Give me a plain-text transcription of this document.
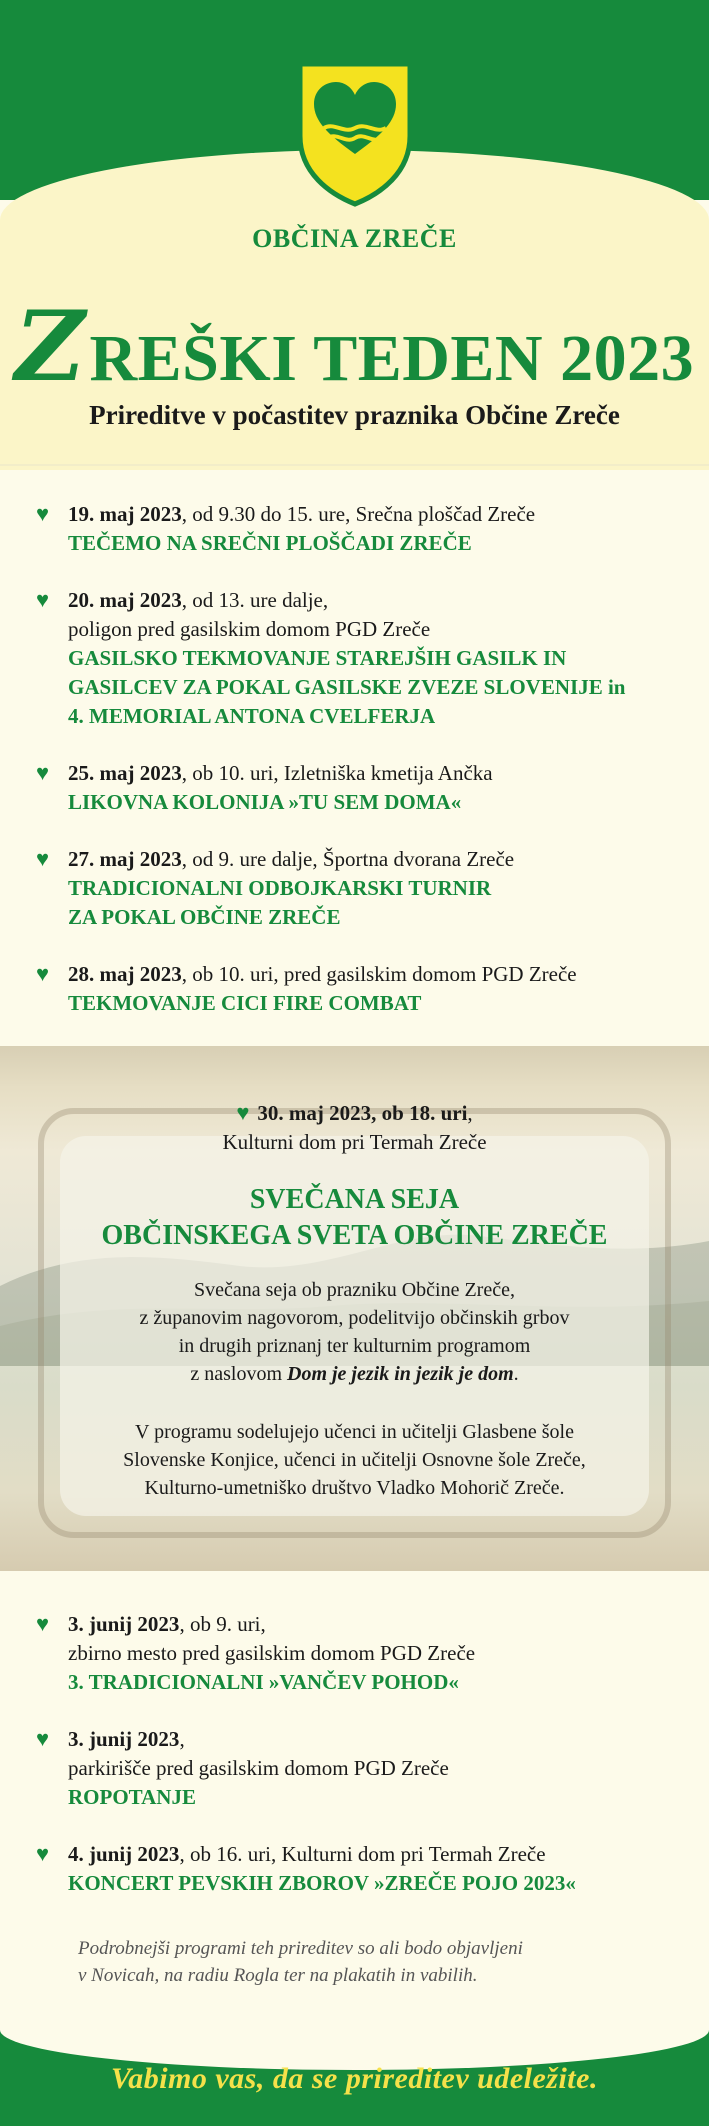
OBČINA ZREČE
ZREŠKI TEDEN 2023
Prireditve v počastitev praznika Občine Zreče
♥ 19. maj 2023, od 9.30 do 15. ure, Srečna ploščad Zreče
TEČEMO NA SREČNI PLOŠČADI ZREČE
♥ 20. maj 2023, od 13. ure dalje,
poligon pred gasilskim domom PGD Zreče
GASILSKO TEKMOVANJE STAREJŠIH GASILK IN
GASILCEV ZA POKAL GASILSKE ZVEZE SLOVENIJE in
4. MEMORIAL ANTONA CVELFERJA
♥ 25. maj 2023, ob 10. uri, Izletniška kmetija Ančka
LIKOVNA KOLONIJA »TU SEM DOMA«
♥ 27. maj 2023, od 9. ure dalje, Športna dvorana Zreče
TRADICIONALNI ODBOJKARSKI TURNIR
ZA POKAL OBČINE ZREČE
♥ 28. maj 2023, ob 10. uri, pred gasilskim domom PGD Zreče
TEKMOVANJE CICI FIRE COMBAT
♥ 30. maj 2023, ob 18. uri,
Kulturni dom pri Termah Zreče
SVEČANA SEJA
OBČINSKEGA SVETA OBČINE ZREČE
Svečana seja ob prazniku Občine Zreče,
z županovim nagovorom, podelitvijo občinskih grbov
in drugih priznanj ter kulturnim programom
z naslovom Dom je jezik in jezik je dom.
V programu sodelujejo učenci in učitelji Glasbene šole
Slovenske Konjice, učenci in učitelji Osnovne šole Zreče,
Kulturno-umetniško društvo Vladko Mohorič Zreče.
♥ 3. junij 2023, ob 9. uri,
zbirno mesto pred gasilskim domom PGD Zreče
3. TRADICIONALNI »VANČEV POHOD«
♥ 3. junij 2023,
parkirišče pred gasilskim domom PGD Zreče
ROPOTANJE
♥ 4. junij 2023, ob 16. uri, Kulturni dom pri Termah Zreče
KONCERT PEVSKIH ZBOROV »ZREČE POJO 2023«
Podrobnejši programi teh prireditev so ali bodo objavljeni
v Novicah, na radiu Rogla ter na plakatih in vabilih.
Vabimo vas, da se prireditev udeležite.
